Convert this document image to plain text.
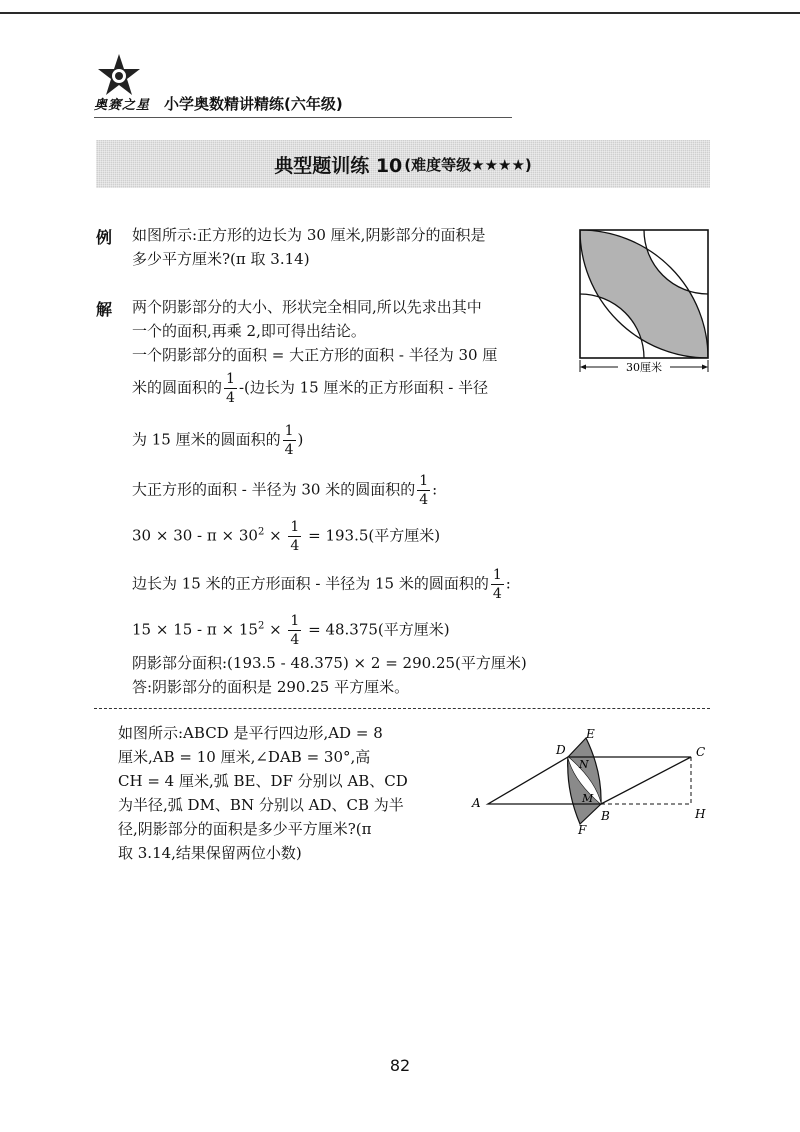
奥赛之星 小学奥数精讲精练(六年级)
典型题训练 10 (难度等级★★★★)
例 如图所示:正方形的边长为 30 厘米,阴影部分的面积是
多少平方厘米?(π 取 3.14)
30厘米
解 两个阴影部分的大小、形状完全相同,所以先求出其中
一个的面积,再乘 2,即可得出结论。
一个阴影部分的面积 = 大正方形的面积 - 半径为 30 厘
米的圆面积的 $\frac{1}{4}$ -(边长为 15 厘米的正方形面积 - 半径
为 15 厘米的圆面积的 $\frac{1}{4}$ )
大正方形的面积 - 半径为 30 米的圆面积的 $\frac{1}{4}$ :
$30 \times 30 - \pi \times 30^2 \times \frac{1}{4} = 193.5$(平方厘米)
边长为 15 米的正方形面积 - 半径为 15 米的圆面积的 $\frac{1}{4}$ :
$15 \times 15 - \pi \times 15^2 \times \frac{1}{4} = 48.375$(平方厘米)
阴影部分面积:(193.5 - 48.375) × 2 = 290.25(平方厘米)
答:阴影部分的面积是 290.25 平方厘米。
如图所示:ABCD 是平行四边形,AD = 8
厘米,AB = 10 厘米,∠DAB = 30°,高
CH = 4 厘米,弧 BE、DF 分别以 AB、CD
为半径,弧 DM、BN 分别以 AD、CB 为半
径,阴影部分的面积是多少平方厘米?(π
取 3.14,结果保留两位小数)
A
B
C
D
E
F
H
M
N
82
